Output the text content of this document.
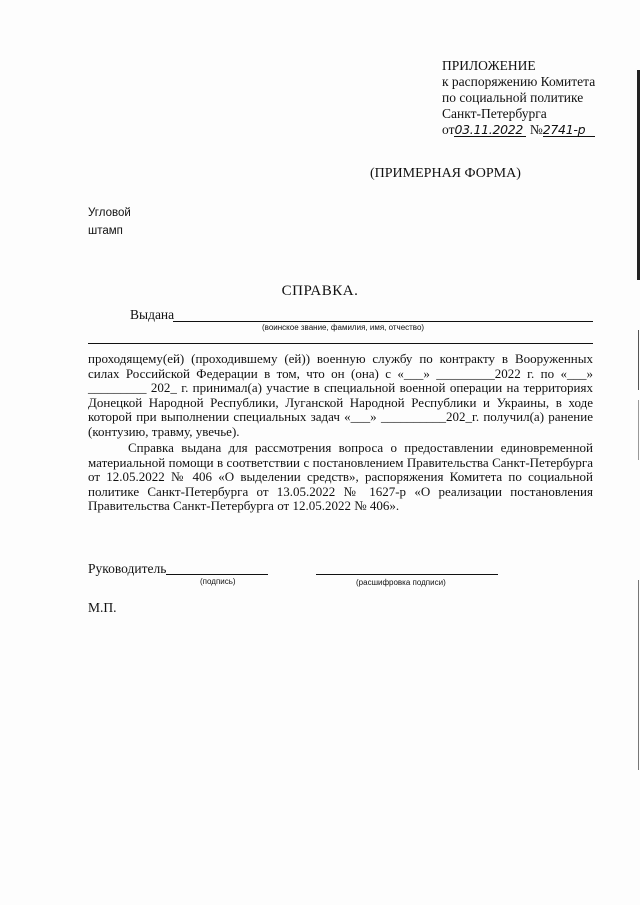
ПРИЛОЖЕНИЕ
к распоряжению Комитета
по социальной политике
Санкт-Петербурга
от03.11.2022 №2741-р
(ПРИМЕРНАЯ ФОРМА)
Угловой
штамп
СПРАВКА.
Выдана
(воинское звание, фамилия, имя, отчество)
проходящему(ей) (проходившему (ей)) военную службу по контракту в Вооруженных силах Российской Федерации в том, что он (она) с «___» _________2022 г. по «___» _________ 202_ г. принимал(а) участие в специальной военной операции на территориях Донецкой Народной Республики, Луганской Народной Республики и Украины, в ходе которой при выполнении специальных задач «___» __________202_г. получил(а) ранение (контузию, травму, увечье).
Справка выдана для рассмотрения вопроса о предоставлении единовременной материальной помощи в соответствии с постановлением Правительства Санкт-Петербурга от 12.05.2022 № 406 «О выделении средств», распоряжения Комитета по социальной политике Санкт-Петербурга от 13.05.2022 № 1627-р «О реализации постановления Правительства Санкт-Петербурга от 12.05.2022 № 406».
Руководитель
(подпись)	(расшифровка подписи)
М.П.
